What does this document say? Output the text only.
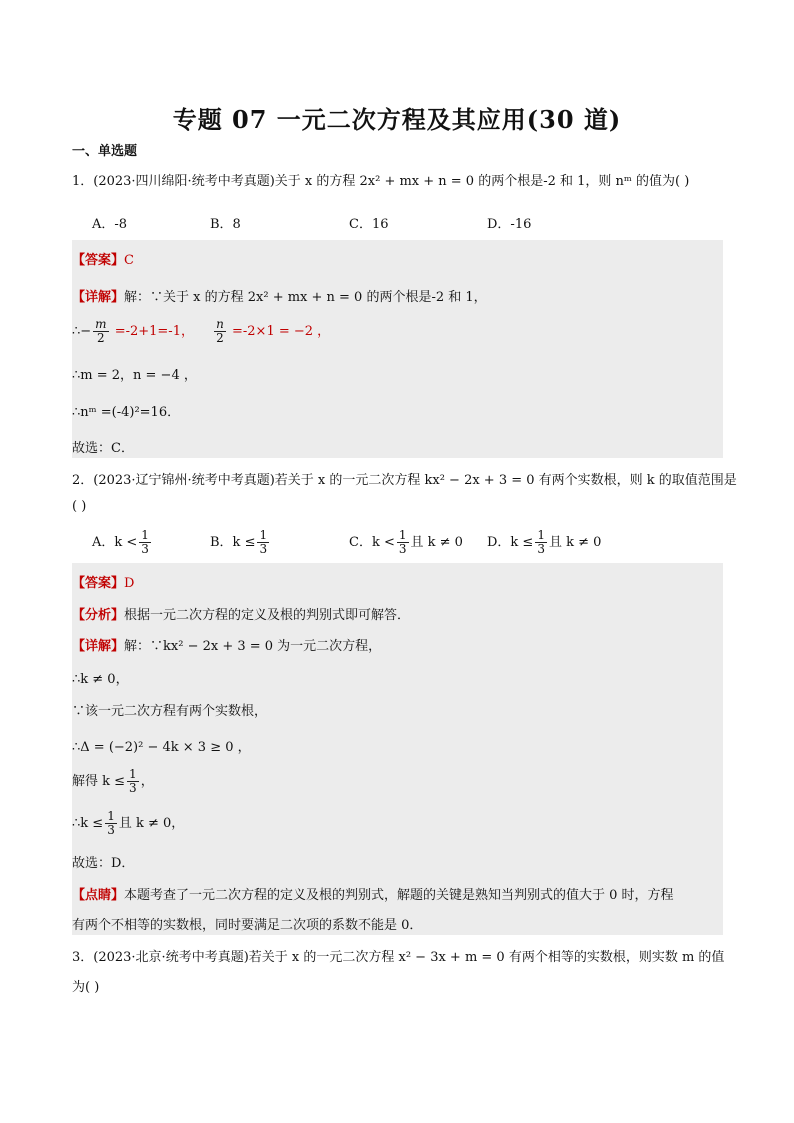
专题 07 一元二次方程及其应用(30 道)
一、单选题
1．(2023·四川绵阳·统考中考真题)关于 x 的方程 2x² + mx + n = 0 的两个根是-2 和 1，则 nᵐ 的值为( )
A．-8	B．8	C．16	D．-16
【答案】C
【详解】解：∵关于 x 的方程 2x² + mx + n = 0 的两个根是-2 和 1，
∴− $\frac{m}{2} =-2+1=-1$， $\frac{n}{2} =-2\times 1 = -2$ ，
∴m = 2，n = −4 ，
∴nᵐ =(-4)²=16．
故选：C．
2．(2023·辽宁锦州·统考中考真题)若关于 x 的一元二次方程 kx² − 2x + 3 = 0 有两个实数根，则 k 的取值范围是
( )
A．$k < \frac{1}{3}$	B．$k \le \frac{1}{3}$	C．$k < \frac{1}{3}$ 且 k ≠ 0 D．$k \le \frac{1}{3}$ 且 k ≠ 0
【答案】D
【分析】根据一元二次方程的定义及根的判别式即可解答．
【详解】解：∵kx² − 2x + 3 = 0 为一元二次方程，
∴k ≠ 0，
∵该一元二次方程有两个实数根，
∴Δ = (−2)² − 4k × 3 ≥ 0 ，
解得 $k \le \frac{1}{3}$ ，
∴k ≤ $\frac{1}{3}$ 且 k ≠ 0，
故选：D．
【点睛】本题考查了一元二次方程的定义及根的判别式，解题的关键是熟知当判别式的值大于 0 时，方程
有两个不相等的实数根，同时要满足二次项的系数不能是 0．
3．(2023·北京·统考中考真题)若关于 x 的一元二次方程 x² − 3x + m = 0 有两个相等的实数根，则实数 m 的值
为( )
